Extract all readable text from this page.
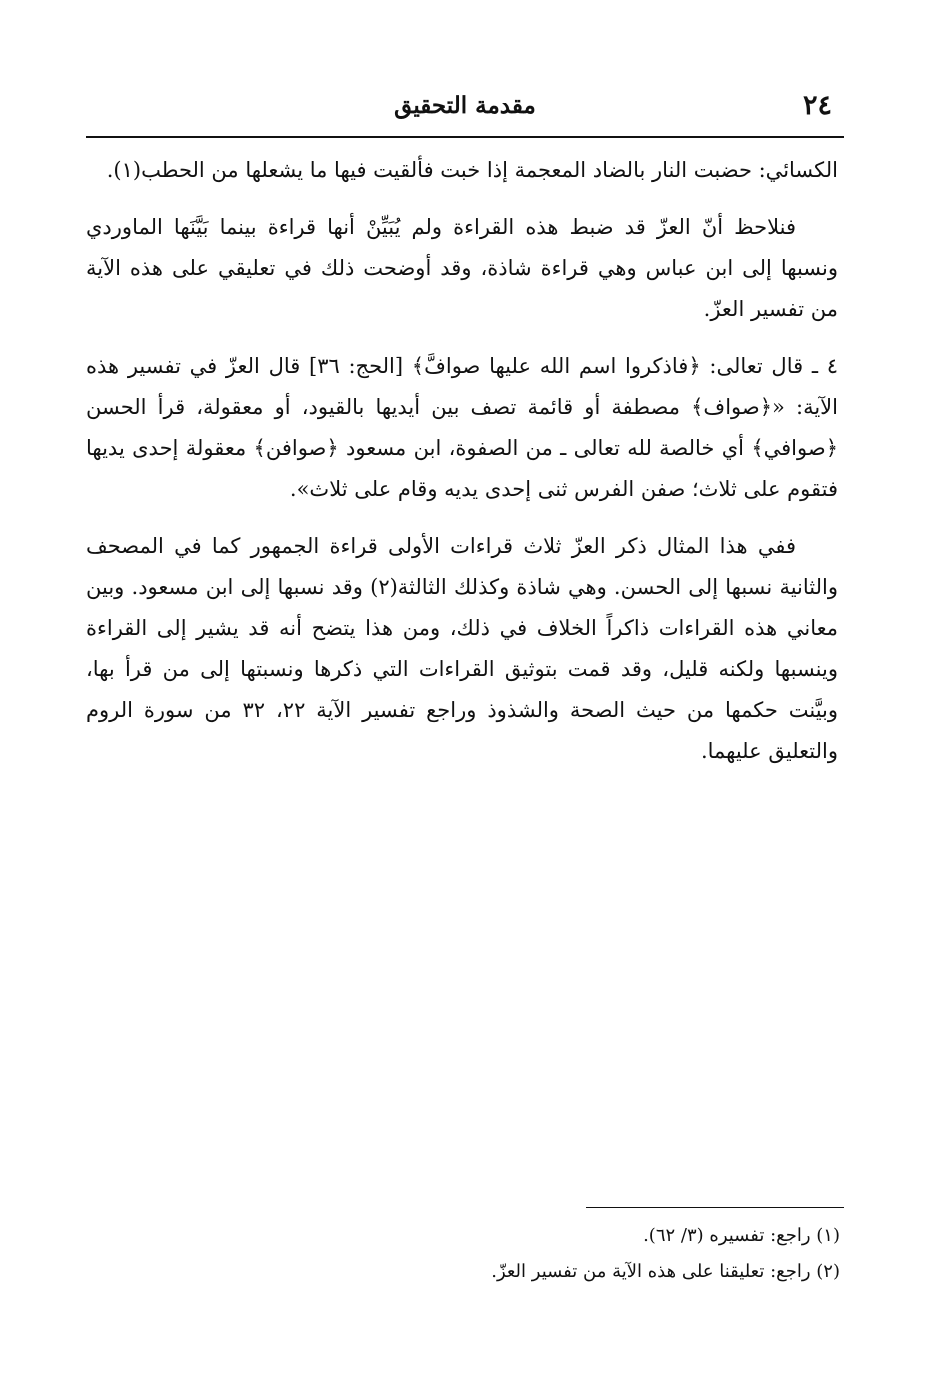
٢٤
مقدمة التحقيق

الكسائي: حضبت النار بالضاد المعجمة إذا خبت فألقيت فيها ما يشعلها من الحطب(١).

فنلاحظ أنّ العزّ قد ضبط هذه القراءة ولم يُبَيِّنْ أنها قراءة بينما بَيَّنَها الماوردي ونسبها إلى ابن عباس وهي قراءة شاذة، وقد أوضحت ذلك في تعليقي على هذه الآية من تفسير العزّ.

٤ ـ قال تعالى: ﴿فاذكروا اسم الله عليها صوافَّ﴾ [الحج: ٣٦] قال العزّ في تفسير هذه الآية: «﴿صواف﴾ مصطفة أو قائمة تصف بين أيديها بالقيود، أو معقولة، قرأ الحسن ﴿صوافي﴾ أي خالصة لله تعالى ـ من الصفوة، ابن مسعود ﴿صوافن﴾ معقولة إحدى يديها فتقوم على ثلاث؛ صفن الفرس ثنى إحدى يديه وقام على ثلاث».

ففي هذا المثال ذكر العزّ ثلاث قراءات الأولى قراءة الجمهور كما في المصحف والثانية نسبها إلى الحسن. وهي شاذة وكذلك الثالثة(٢) وقد نسبها إلى ابن مسعود. وبين معاني هذه القراءات ذاكراً الخلاف في ذلك، ومن هذا يتضح أنه قد يشير إلى القراءة وينسبها ولكنه قليل، وقد قمت بتوثيق القراءات التي ذكرها ونسبتها إلى من قرأ بها، وبيَّنت حكمها من حيث الصحة والشذوذ وراجع تفسير الآية ٢٢، ٣٢ من سورة الروم والتعليق عليهما.

(١) راجع: تفسيره (٣/ ٦٢).

(٢) راجع: تعليقنا على هذه الآية من تفسير العزّ.
